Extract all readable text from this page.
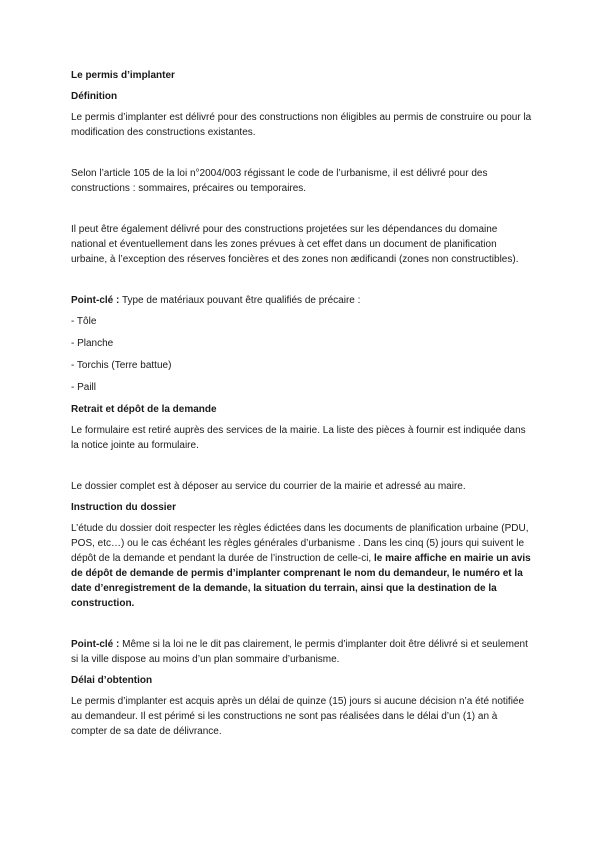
Le permis d’implanter
Définition
Le permis d’implanter est délivré pour des constructions non éligibles au permis de construire ou pour la modification des constructions existantes.
Selon l’article 105 de la loi n°2004/003 régissant le code de l’urbanisme, il est délivré pour des constructions : sommaires, précaires ou temporaires.
Il peut être également délivré pour des constructions projetées sur les dépendances du domaine national et éventuellement dans les zones prévues à cet effet dans un document de planification urbaine, à l’exception des réserves foncières et des zones non ædificandi (zones non constructibles).
Point-clé : Type de matériaux pouvant être qualifiés de précaire :
- Tôle
- Planche
- Torchis (Terre battue)
- Paill
Retrait et dépôt de la demande
Le formulaire est retiré auprès des services de la mairie. La liste des pièces à fournir est indiquée dans la notice jointe au formulaire.
Le dossier complet est à déposer au service du courrier de la mairie et adressé au maire.
Instruction du dossier
L’étude du dossier doit respecter les règles édictées dans les documents de planification urbaine (PDU, POS, etc…) ou le cas échéant les règles générales d’urbanisme . Dans les cinq (5) jours qui suivent le dépôt de la demande et pendant la durée de l’instruction de celle-ci, le maire affiche en mairie un avis de dépôt de demande de permis d’implanter comprenant le nom du demandeur, le numéro et la date d’enregistrement de la demande, la situation du terrain, ainsi que la destination de la construction.
Point-clé : Même si la loi ne le dit pas clairement, le permis d’implanter doit être délivré si et seulement si la ville dispose au moins d’un plan sommaire d’urbanisme.
Délai d’obtention
Le permis d’implanter est acquis après un délai de quinze (15) jours si aucune décision n’a été notifiée au demandeur. Il est périmé si les constructions ne sont pas réalisées dans le délai d’un (1) an à compter de sa date de délivrance.
